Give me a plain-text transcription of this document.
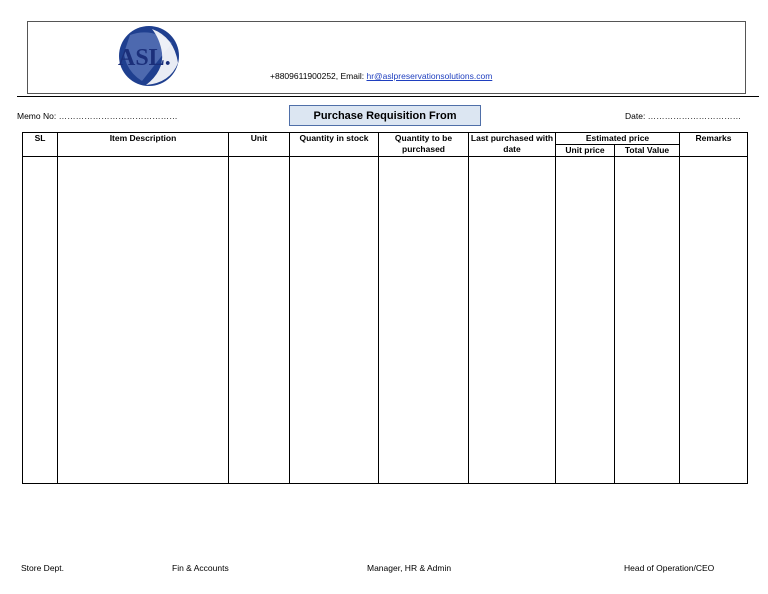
ASL.
+8809611900252, Email: hr@aslpreservationsolutions.com
Memo No: ……………………………………	Purchase Requisition From	Date: ……………………………
SL	Item Description	Unit	Quantity in stock	Quantity to be purchased	Last purchased with date	Estimated price		Remarks
						Unit price	Total Value	

Store Dept.	Fin & Accounts	Manager, HR & Admin	Head of Operation/CEO
